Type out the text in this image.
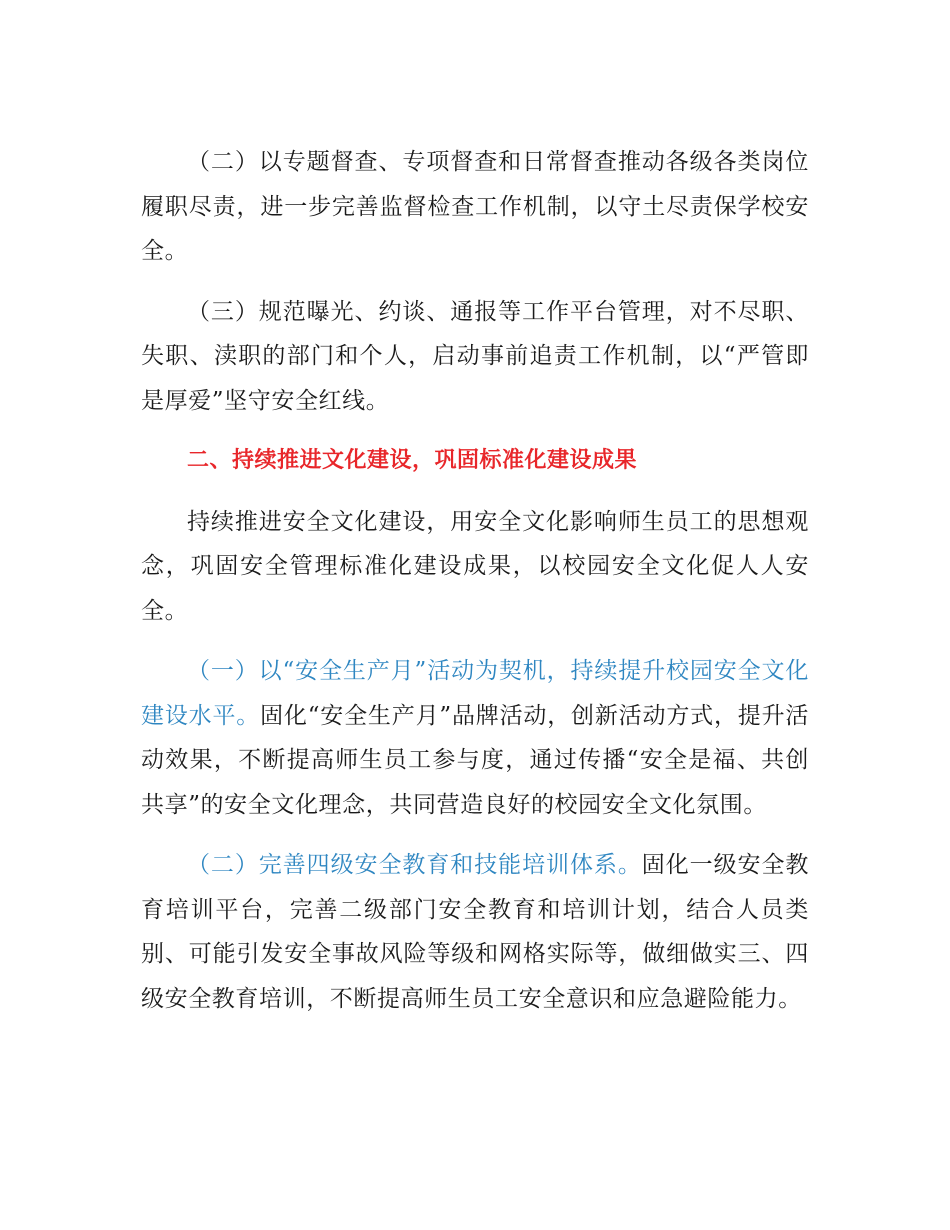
（二）以专题督查、专项督查和日常督查推动各级各类岗位履职尽责，进一步完善监督检查工作机制，以守土尽责保学校安全。

（三）规范曝光、约谈、通报等工作平台管理，对不尽职、失职、渎职的部门和个人，启动事前追责工作机制，以“严管即是厚爱”坚守安全红线。

二、持续推进文化建设，巩固标准化建设成果

持续推进安全文化建设，用安全文化影响师生员工的思想观念，巩固安全管理标准化建设成果，以校园安全文化促人人安全。

（一）以“安全生产月”活动为契机，持续提升校园安全文化建设水平。固化“安全生产月”品牌活动，创新活动方式，提升活动效果，不断提高师生员工参与度，通过传播“安全是福、共创共享”的安全文化理念，共同营造良好的校园安全文化氛围。

（二）完善四级安全教育和技能培训体系。固化一级安全教育培训平台，完善二级部门安全教育和培训计划，结合人员类别、可能引发安全事故风险等级和网格实际等，做细做实三、四级安全教育培训，不断提高师生员工安全意识和应急避险能力。
